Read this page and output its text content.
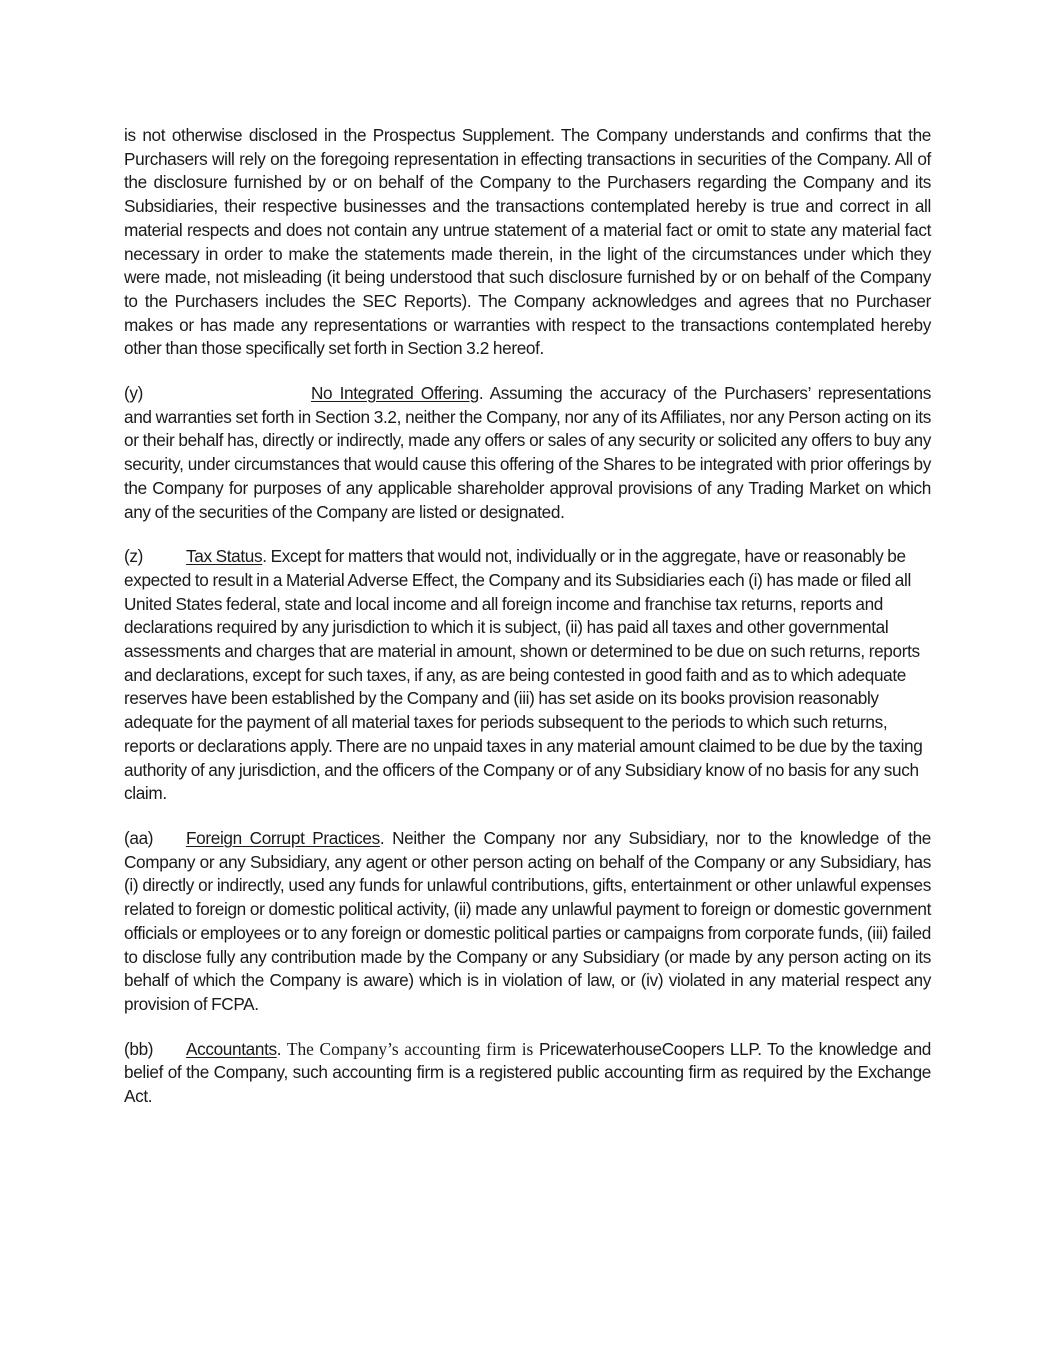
is not otherwise disclosed in the Prospectus Supplement. The Company understands and confirms that the Purchasers will rely on the foregoing representation in effecting transactions in securities of the Company. All of the disclosure furnished by or on behalf of the Company to the Purchasers regarding the Company and its Subsidiaries, their respective businesses and the transactions contemplated hereby is true and correct in all material respects and does not contain any untrue statement of a material fact or omit to state any material fact necessary in order to make the statements made therein, in the light of the circumstances under which they were made, not misleading (it being understood that such disclosure furnished by or on behalf of the Company to the Purchasers includes the SEC Reports). The Company acknowledges and agrees that no Purchaser makes or has made any representations or warranties with respect to the transactions contemplated hereby other than those specifically set forth in Section 3.2 hereof.

(y)	No Integrated Offering. Assuming the accuracy of the Purchasers’ representations and warranties set forth in Section 3.2, neither the Company, nor any of its Affiliates, nor any Person acting on its or their behalf has, directly or indirectly, made any offers or sales of any security or solicited any offers to buy any security, under circumstances that would cause this offering of the Shares to be integrated with prior offerings by the Company for purposes of any applicable shareholder approval provisions of any Trading Market on which any of the securities of the Company are listed or designated.

(z)	Tax Status. Except for matters that would not, individually or in the aggregate, have or reasonably be expected to result in a Material Adverse Effect, the Company and its Subsidiaries each (i) has made or filed all United States federal, state and local income and all foreign income and franchise tax returns, reports and declarations required by any jurisdiction to which it is subject, (ii) has paid all taxes and other governmental assessments and charges that are material in amount, shown or determined to be due on such returns, reports and declarations, except for such taxes, if any, as are being contested in good faith and as to which adequate reserves have been established by the Company and (iii) has set aside on its books provision reasonably adequate for the payment of all material taxes for periods subsequent to the periods to which such returns, reports or declarations apply. There are no unpaid taxes in any material amount claimed to be due by the taxing authority of any jurisdiction, and the officers of the Company or of any Subsidiary know of no basis for any such claim.

(aa) Foreign Corrupt Practices. Neither the Company nor any Subsidiary, nor to the knowledge of the Company or any Subsidiary, any agent or other person acting on behalf of the Company or any Subsidiary, has (i) directly or indirectly, used any funds for unlawful contributions, gifts, entertainment or other unlawful expenses related to foreign or domestic political activity, (ii) made any unlawful payment to foreign or domestic government officials or employees or to any foreign or domestic political parties or campaigns from corporate funds, (iii) failed to disclose fully any contribution made by the Company or any Subsidiary (or made by any person acting on its behalf of which the Company is aware) which is in violation of law, or (iv) violated in any material respect any provision of FCPA.

(bb) Accountants. The Company’s accounting firm is PricewaterhouseCoopers LLP. To the knowledge and belief of the Company, such accounting firm is a registered public accounting firm as required by the Exchange Act.
